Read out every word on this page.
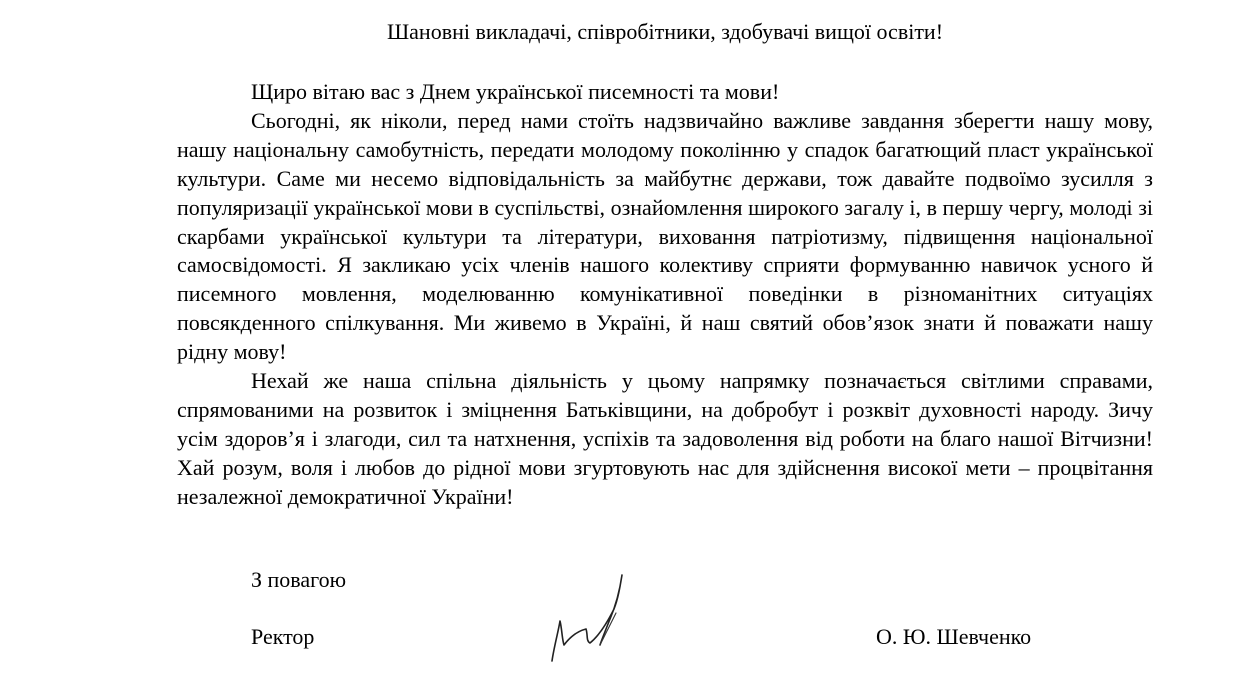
Шановні викладачі, співробітники, здобувачі вищої освіти!

Щиро вітаю вас з Днем української писемності та мови!

Сьогодні, як ніколи, перед нами стоїть надзвичайно важливе завдання зберегти нашу мову, нашу національну самобутність, передати молодому поколінню у спадок багатющий пласт української культури. Саме ми несемо відповідальність за майбутнє держави, тож давайте подвоїмо зусилля з популяризації української мови в суспільстві, ознайомлення широкого загалу і, в першу чергу, молоді зі скарбами української культури та літератури, виховання патріотизму, підвищення національної самосвідомості. Я закликаю усіх членів нашого колективу сприяти формуванню навичок усного й писемного мовлення, моделюванню комунікативної поведінки в різноманітних ситуаціях повсякденного спілкування. Ми живемо в Україні, й наш святий обов’язок знати й поважати нашу рідну мову!

Нехай же наша спільна діяльність у цьому напрямку позначається світлими справами, спрямованими на розвиток і зміцнення Батьківщини, на добробут і розквіт духовності народу. Зичу усім здоров’я і злагоди, сил та натхнення, успіхів та задоволення від роботи на благо нашої Вітчизни! Хай розум, воля і любов до рідної мови згуртовують нас для здійснення високої мети – процвітання незалежної демократичної України!

З повагою
Ректор	О. Ю. Шевченко
